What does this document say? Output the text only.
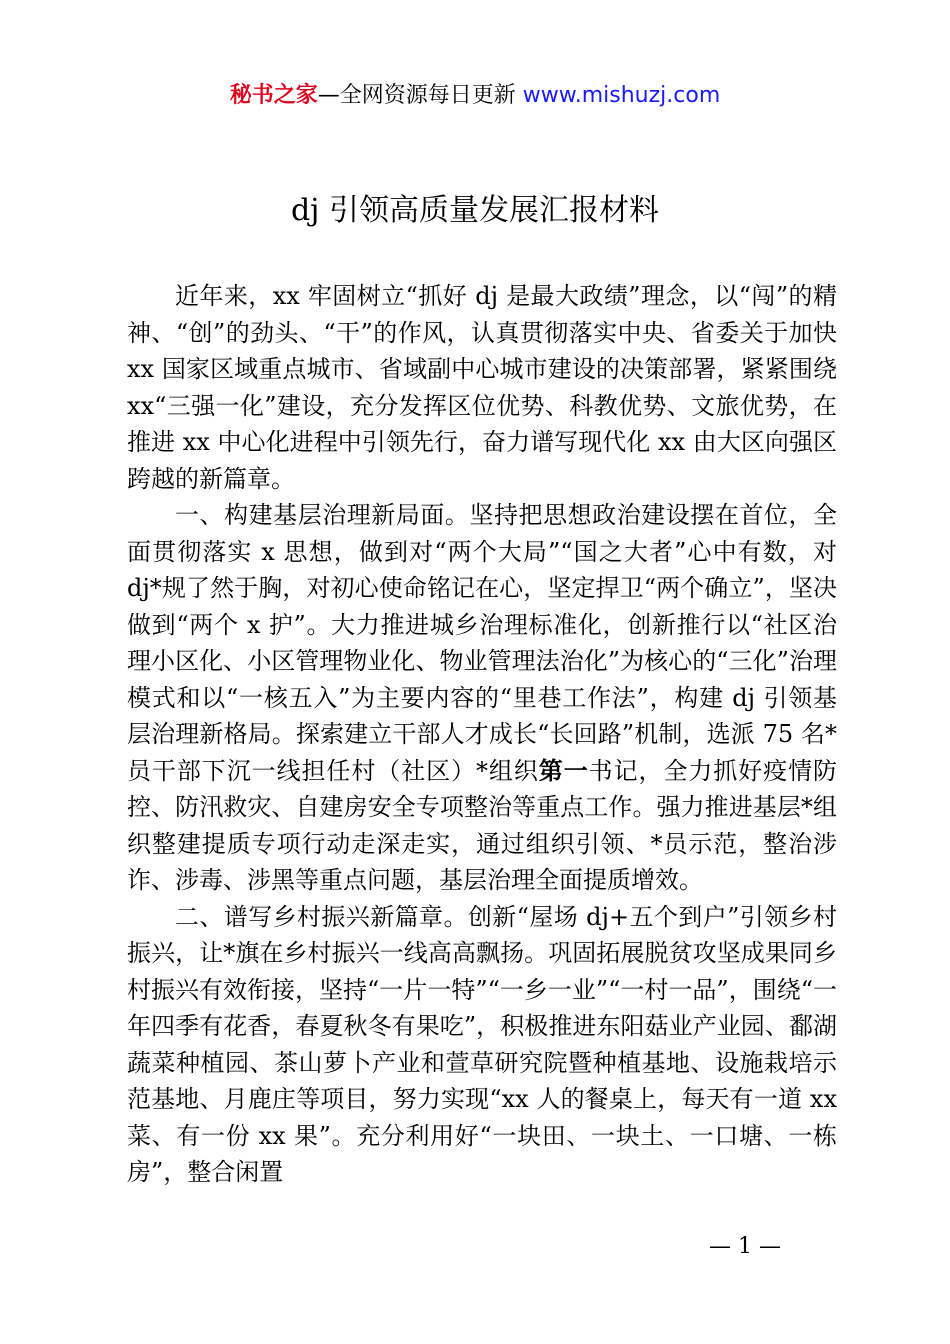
秘书之家—全网资源每日更新 www.mishuzj.com
dj 引领高质量发展汇报材料

近年来，xx 牢固树立“抓好 dj 是最大政绩”理念，以“闯”的精神、“创”的劲头、“干”的作风，认真贯彻落实中央、省委关于加快 xx 国家区域重点城市、省域副中心城市建设的决策部署，紧紧围绕 xx“三强一化”建设，充分发挥区位优势、科教优势、文旅优势，在推进 xx 中心化进程中引领先行，奋力谱写现代化 xx 由大区向强区跨越的新篇章。

一、构建基层治理新局面。坚持把思想政治建设摆在首位，全面贯彻落实 x 思想，做到对“两个大局”“国之大者”心中有数，对 dj*规了然于胸，对初心使命铭记在心，坚定捍卫“两个确立”，坚决做到“两个 x 护”。大力推进城乡治理标准化，创新推行以“社区治理小区化、小区管理物业化、物业管理法治化”为核心的“三化”治理模式和以“一核五入”为主要内容的“里巷工作法”，构建 dj 引领基层治理新格局。探索建立干部人才成长“长回路”机制，选派 75 名*员干部下沉一线担任村（社区）*组织第一书记，全力抓好疫情防控、防汛救灾、自建房安全专项整治等重点工作。强力推进基层*组织整建提质专项行动走深走实，通过组织引领、*员示范，整治涉诈、涉毒、涉黑等重点问题，基层治理全面提质增效。

二、谱写乡村振兴新篇章。创新“屋场 dj+五个到户”引领乡村振兴，让*旗在乡村振兴一线高高飘扬。巩固拓展脱贫攻坚成果同乡村振兴有效衔接，坚持“一片一特”“一乡一业”“一村一品”，围绕“一年四季有花香，春夏秋冬有果吃”，积极推进东阳菇业产业园、鄱湖蔬菜种植园、茶山萝卜产业和萱草研究院暨种植基地、设施栽培示范基地、月鹿庄等项目，努力实现“xx 人的餐桌上，每天有一道 xx 菜、有一份 xx 果”。充分利用好“一块田、一块土、一口塘、一栋房”，整合闲置

— 1 —
